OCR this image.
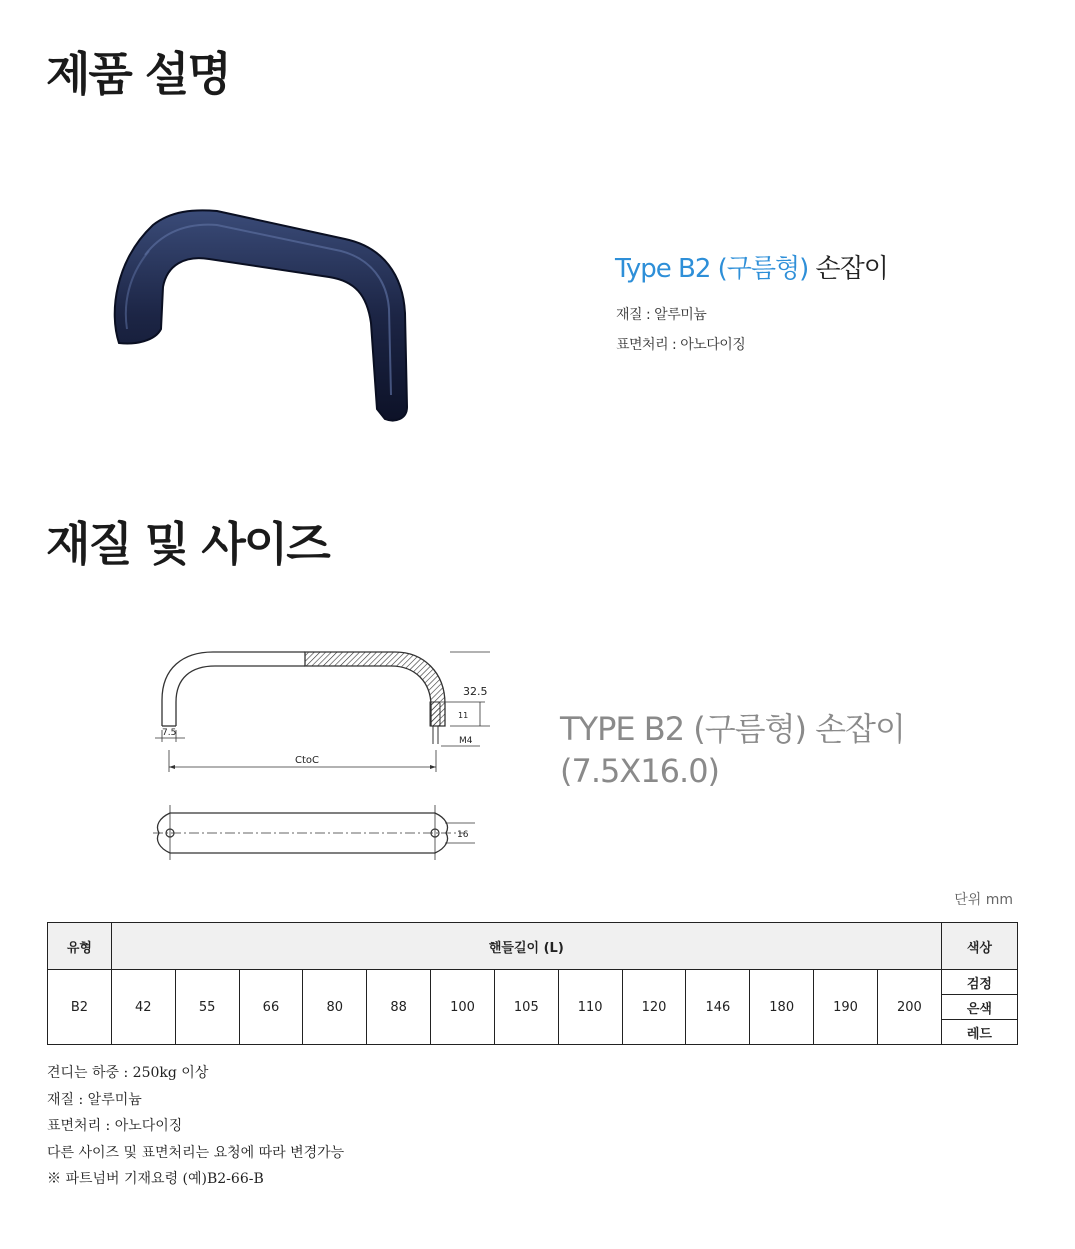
제품 설명
Type B2 (구름형) 손잡이
재질 : 알루미늄
표면처리 : 아노다이징
재질 및 사이즈
32.5
11
M4
7.5
CtoC
16
TYPE B2 (구름형) 손잡이
(7.5X16.0)
단위 mm
유형	핸들길이 (L)													색상
B2	42	55	66	80	88	100	105	110	120	146	180	190	200	검정
														은색
														레드
견디는 하중 : 250kg 이상
재질 : 알루미늄
표면처리 : 아노다이징
다른 사이즈 및 표면처리는 요청에 따라 변경가능
※ 파트넘버 기재요령 (예)B2-66-B
